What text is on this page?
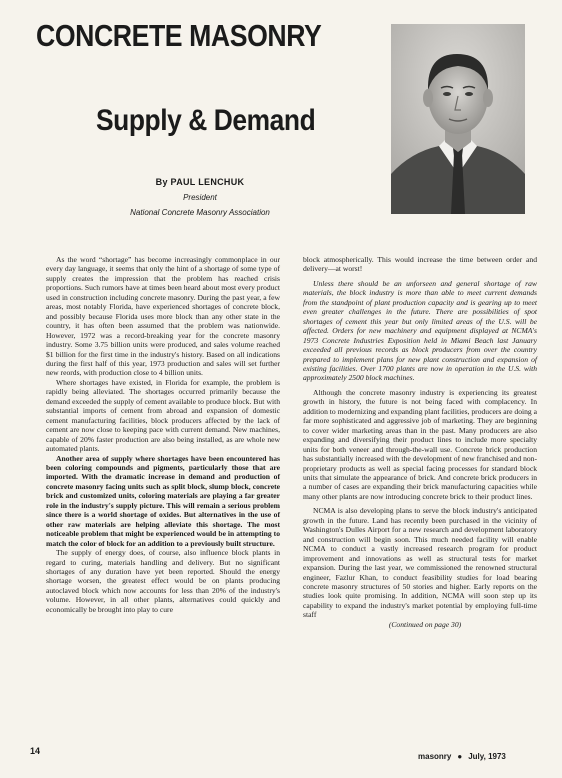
CONCRETE MASONRY
Supply & Demand
By PAUL LENCHUK
President
National Concrete Masonry Association

As the word “shortage” has become increasingly commonplace in our every day language, it seems that only the hint of a shortage of some type of supply creates the impression that the problem has reached crisis proportions. Such rumors have at times been heard about most every product used in construction including concrete masonry. During the past year, a few areas, most notably Florida, have experienced shortages of concrete block, and possibly because Florida uses more block than any other state in the country, it has often been assumed that the problem was nationwide. However, 1972 was a record-breaking year for the concrete masonry industry. Some 3.75 billion units were produced, and sales volume reached $1 billion for the first time in the industry's history. Based on all indications during the first half of this year, 1973 production and sales will set further new reords, with production close to 4 billion units.

Where shortages have existed, in Florida for example, the problem is rapidly being alleviated. The shortages occurred primarily because the demand exceeded the supply of cement available to produce block. But with substantial imports of cement from abroad and expansion of domestic cement manufacturing facilities, block producers affected by the lack of cement are now close to keeping pace with current demand. New machines, capable of 20% faster production are also being installed, as are whole new automated plants.

Another area of supply where shortages have been encountered has been coloring compounds and pigments, particularly those that are imported. With the dramatic increase in demand and production of concrete masonry facing units such as split block, slump block, concrete brick and customized units, coloring materials are playing a far greater role in the industry's supply picture. This will remain a serious problem since there is a world shortage of oxides. But alternatives in the use of other raw materials are helping alleviate this shortage. The most noticeable problem that might be experienced would be in attempting to match the color of block for an addition to a previously built structure.

The supply of energy does, of course, also influence block plants in regard to curing, materials handling and delivery. But no significant shortages of any duration have yet been reported. Should the energy shortage worsen, the greatest effect would be on plants producing autoclaved block which now accounts for less than 20% of the industry's volume. However, in all other plants, alternatives could quickly and economically be brought into play to cure

block atmospherically. This would increase the time between order and delivery—at worst!

Unless there should be an unforseen and general shortage of raw materials, the block industry is more than able to meet current demands from the standpoint of plant production capacity and is gearing up to meet even greater challenges in the future. There are possibilities of spot shortages of cement this year but only limited areas of the U.S. will be affected. Orders for new machinery and equipment displayed at NCMA's 1973 Concrete Industries Exposition held in Miami Beach last January exceeded all previous records as block producers from over the country prepared to implement plans for new plant construction and expansion of existing facilities. Over 1700 plants are now in operation in the U.S. with approximately 2500 block machines.

Although the concrete masonry industry is experiencing its greatest growth in history, the future is not being faced with complacency. In addition to modernizing and expanding plant facilities, producers are doing a far more sophisticated and aggressive job of marketing. They are beginning to cover wider marketing areas than in the past. Many producers are also expanding and diversifying their product lines to include more specialty units for both veneer and through-the-wall use. Concrete brick production has substantially increased with the development of new franchised and non-proprietary products as well as special facing processes for standard block units that simulate the appearance of brick. And concrete brick producers in a number of cases are expanding their brick manufacturing capacities while many other plants are now introducing concrete brick to their product lines.

NCMA is also developing plans to serve the block industry's anticipated growth in the future. Land has recently been purchased in the vicinity of Washington's Dulles Airport for a new research and development laboratory and construction will begin soon. This much needed facility will enable NCMA to conduct a vastly increased research program for product improvement and innovations as well as structural tests for market expansion. During the last year, we commissioned the renowned structural engineer, Fazlur Khan, to conduct feasibility studies for load bearing concrete masonry structures of 50 stories and higher. Early reports on the studies look quite promising. In addition, NCMA will soon step up its capability to expand the industry's market potential by employing full-time staff

(Continued on page 30)

14
masonry ● July, 1973
